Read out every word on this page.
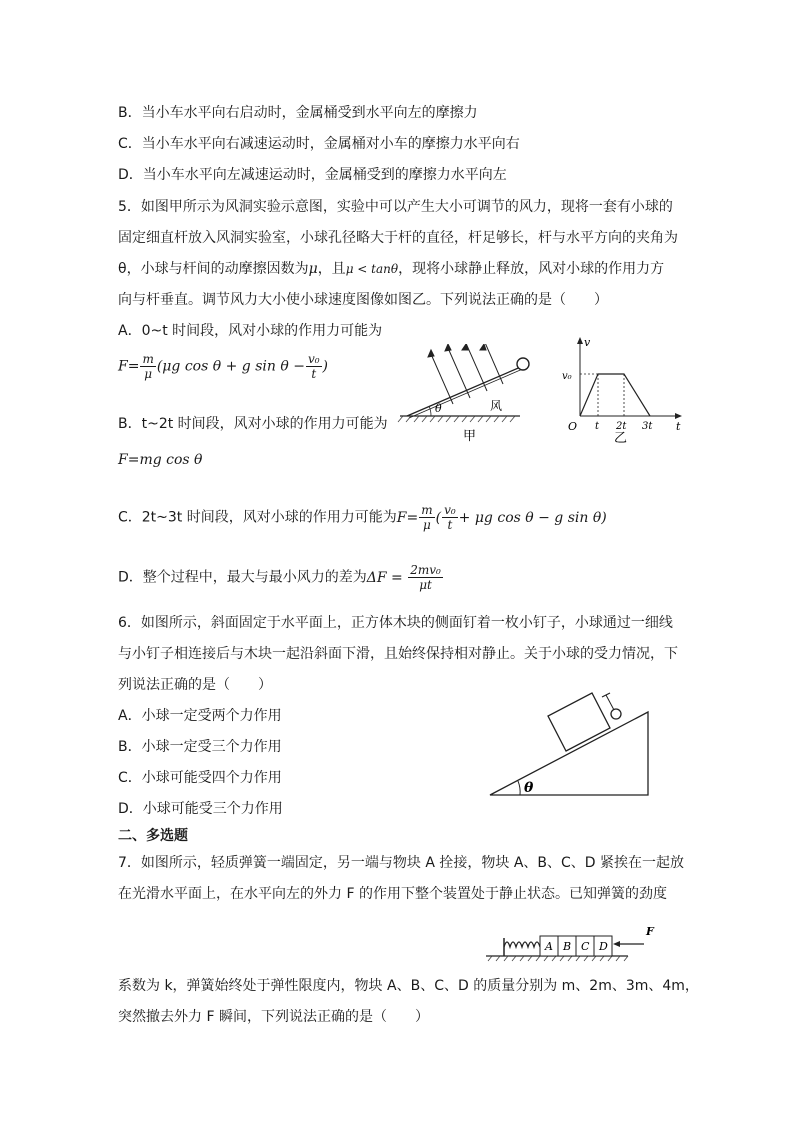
B．当小车水平向右启动时，金属桶受到水平向左的摩擦力
C．当小车水平向右减速运动时，金属桶对小车的摩擦力水平向右
D．当小车水平向左减速运动时，金属桶受到的摩擦力水平向左
5．如图甲所示为风洞实验示意图，实验中可以产生大小可调节的风力，现将一套有小球的
固定细直杆放入风洞实验室，小球孔径略大于杆的直径，杆足够长，杆与水平方向的夹角为
θ，小球与杆间的动摩擦因数为μ，且μ < tanθ，现将小球静止释放，风对小球的作用力方
向与杆垂直。调节风力大小使小球速度图像如图乙。下列说法正确的是（　　）
A．0~t 时间段，风对小球的作用力可能为
$F= \frac{m}{\mu} (\mu g$ cos θ + g $\sin \theta - \frac{\text{v₀}}{t}$ )
B．t~2t 时间段，风对小球的作用力可能为
F=mg cos θ
C．2t~3t 时间段，风对小球的作用力可能为$F= \frac{m}{\mu}$ ( $\frac{\text{v₀}}{t} + \mu g$ cos θ − g sin θ)
D．整个过程中，最大与最小风力的差为$\Delta F = \frac{\text{2mv₀}}{\mu t}$
θ	风
甲
v
t
v₀
O t 2t 3t
乙
6．如图所示，斜面固定于水平面上，正方体木块的侧面钉着一枚小钉子，小球通过一细线
与小钉子相连接后与木块一起沿斜面下滑，且始终保持相对静止。关于小球的受力情况，下
列说法正确的是（　　）
A．小球一定受两个力作用
B．小球一定受三个力作用
C．小球可能受四个力作用
D．小球可能受三个力作用
θ
二、多选题
7．如图所示，轻质弹簧一端固定，另一端与物块 A 拴接，物块 A、B、C、D 紧挨在一起放
在光滑水平面上，在水平向左的外力 F 的作用下整个装置处于静止状态。已知弹簧的劲度
A B C D
F
系数为 k，弹簧始终处于弹性限度内，物块 A、B、C、D 的质量分别为 m、2m、3m、4m，
突然撤去外力 F 瞬间，下列说法正确的是（　　）
